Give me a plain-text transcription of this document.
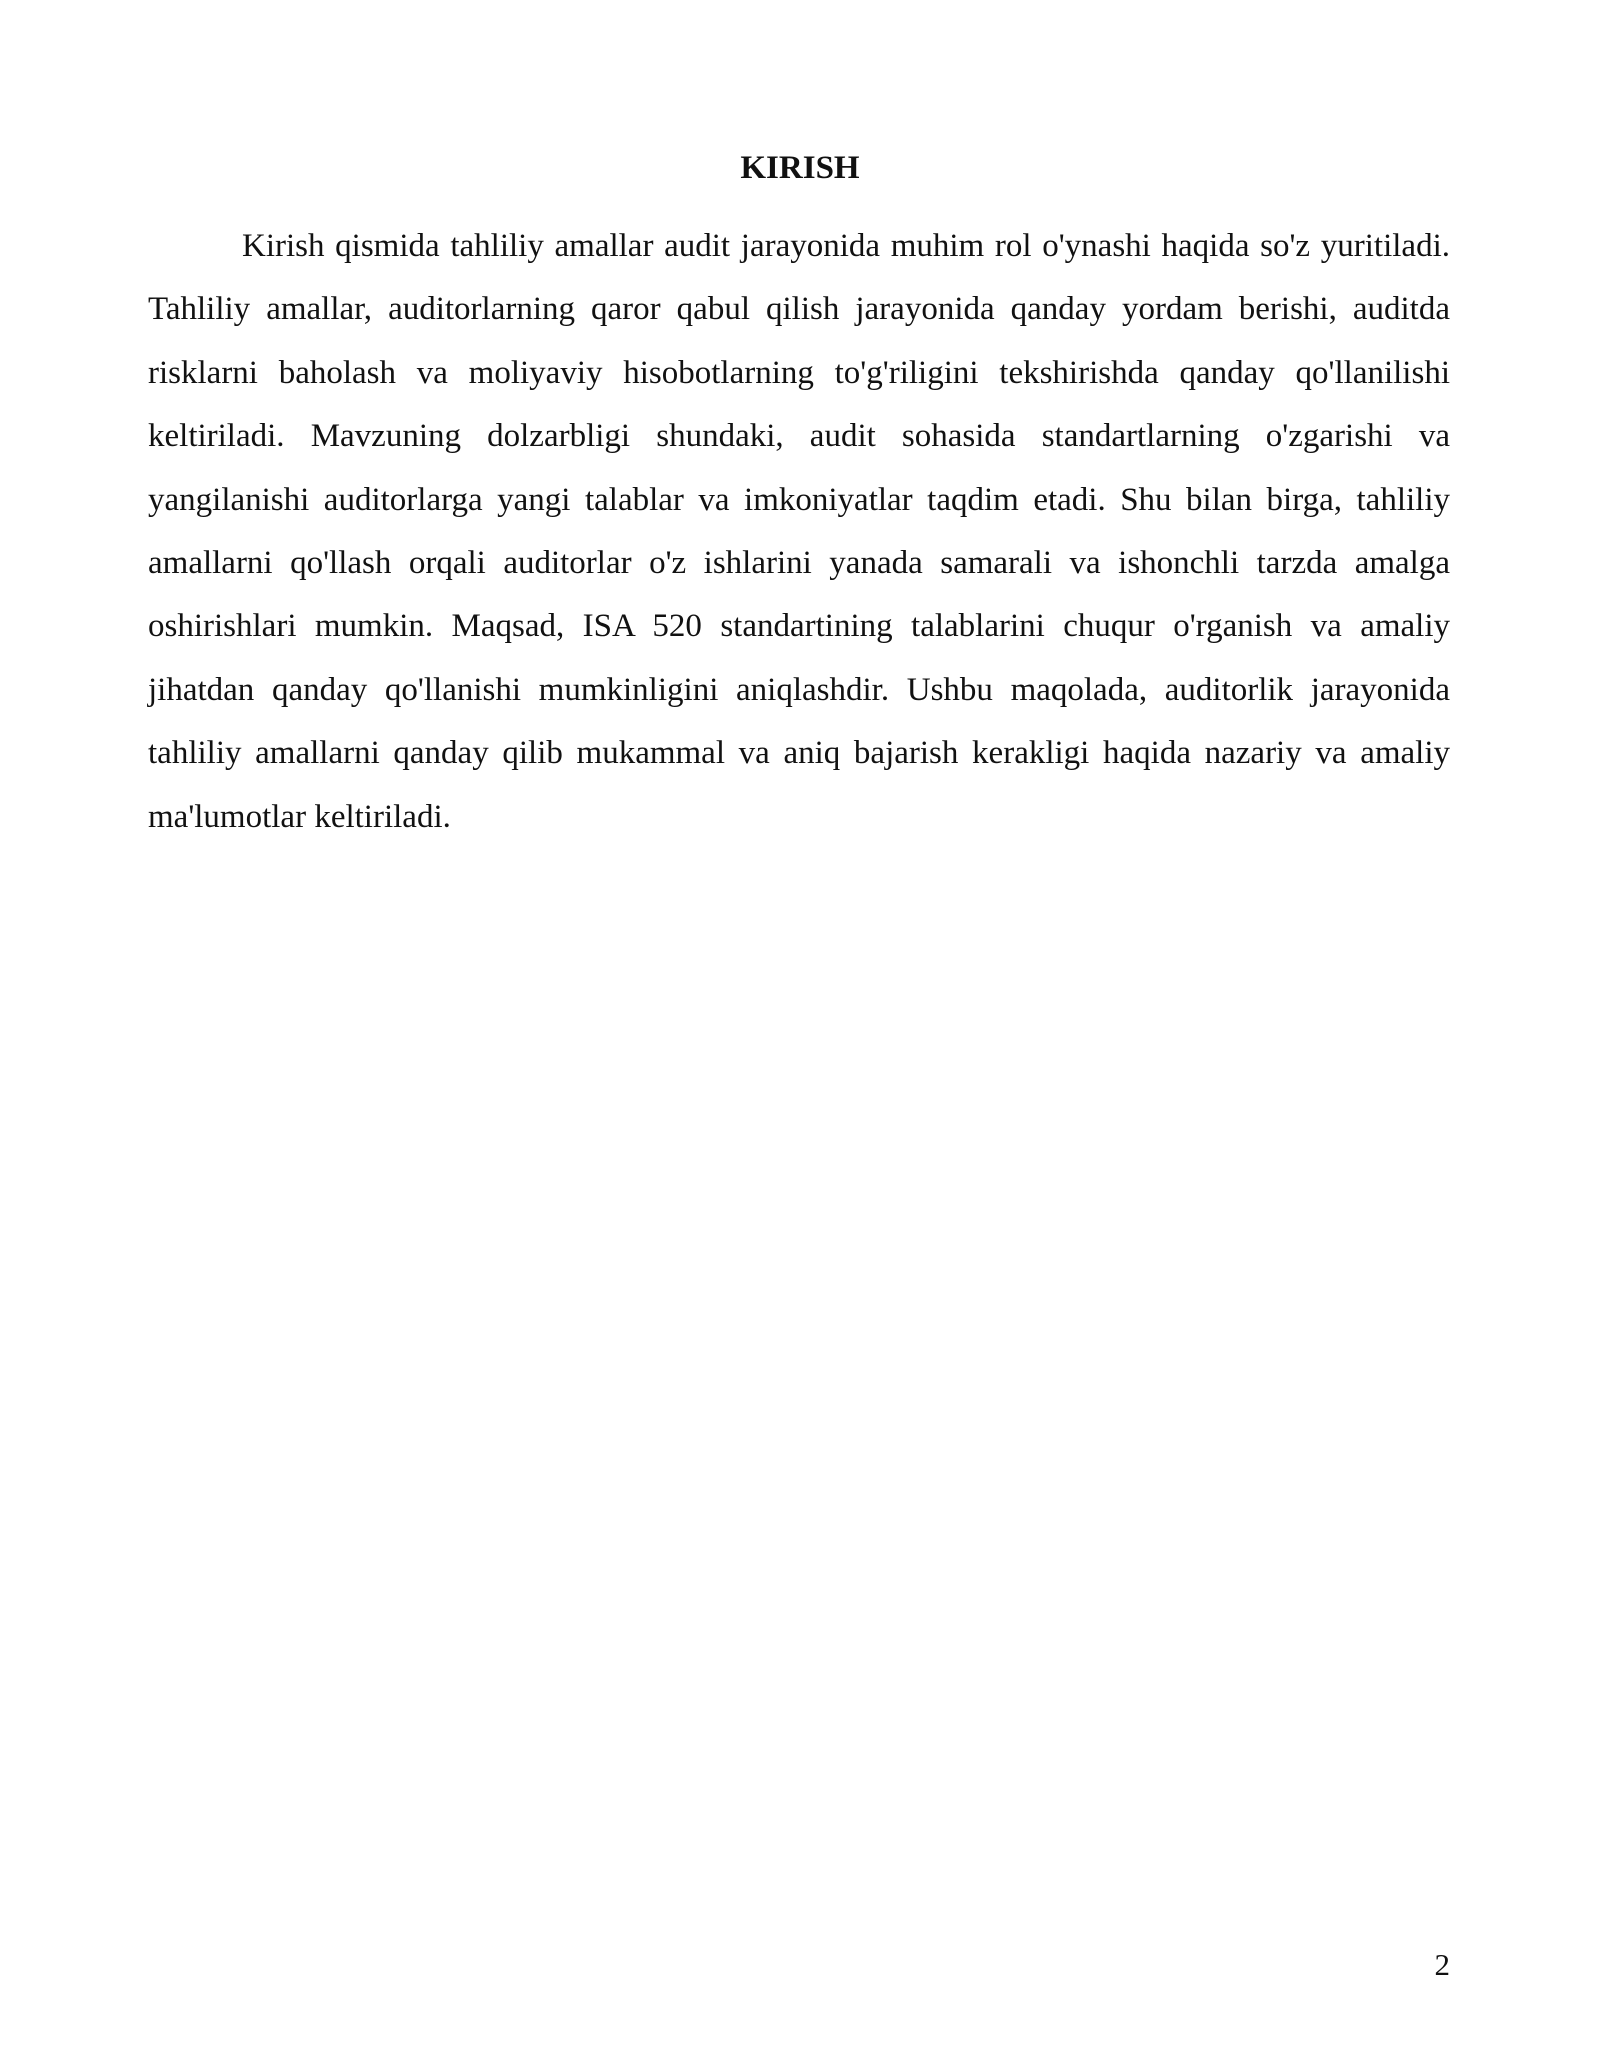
KIRISH

Kirish qismida tahliliy amallar audit jarayonida muhim rol o'ynashi haqida so'z yuritiladi. Tahliliy amallar, auditorlarning qaror qabul qilish jarayonida qanday yordam berishi, auditda risklarni baholash va moliyaviy hisobotlarning to'g'riligini tekshirishda qanday qo'llanilishi keltiriladi. Mavzuning dolzarbligi shundaki, audit sohasida standartlarning o'zgarishi va yangilanishi auditorlarga yangi talablar va imkoniyatlar taqdim etadi. Shu bilan birga, tahliliy amallarni qo'llash orqali auditorlar o'z ishlarini yanada samarali va ishonchli tarzda amalga oshirishlari mumkin. Maqsad, ISA 520 standartining talablarini chuqur o'rganish va amaliy jihatdan qanday qo'llanishi mumkinligini aniqlashdir. Ushbu maqolada, auditorlik jarayonida tahliliy amallarni qanday qilib mukammal va aniq bajarish kerakligi haqida nazariy va amaliy ma'lumotlar keltiriladi.

2
